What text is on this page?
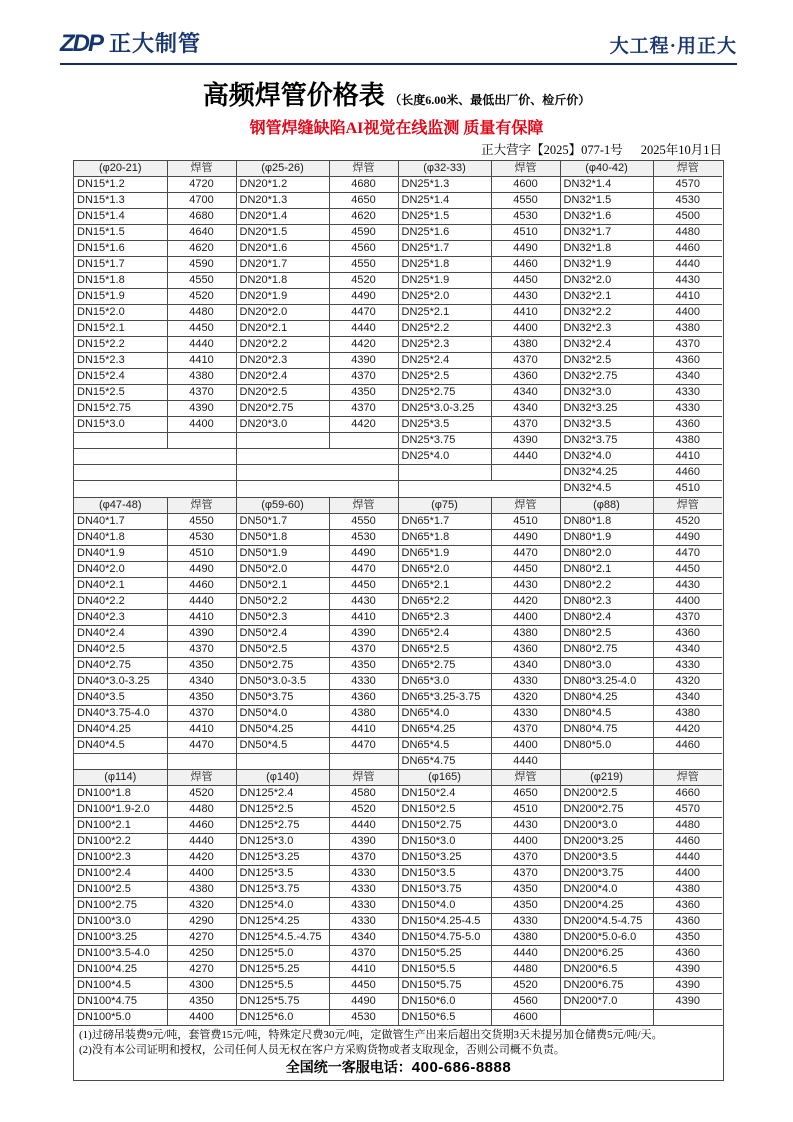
ZDP 正大制管	大工程·用正大
高频焊管价格表 （长度6.00米、最低出厂价、检斤价）
钢管焊缝缺陷AI视觉在线监测 质量有保障
正大营字【2025】077-1号 2025年10月1日
(φ20-21)	焊管	(φ25-26)	焊管	(φ32-33)	焊管	(φ40-42)	焊管
DN15*1.2	4720	DN20*1.2	4680	DN25*1.3	4600	DN32*1.4	4570
DN15*1.3	4700	DN20*1.3	4650	DN25*1.4	4550	DN32*1.5	4530
DN15*1.4	4680	DN20*1.4	4620	DN25*1.5	4530	DN32*1.6	4500
DN15*1.5	4640	DN20*1.5	4590	DN25*1.6	4510	DN32*1.7	4480
DN15*1.6	4620	DN20*1.6	4560	DN25*1.7	4490	DN32*1.8	4460
DN15*1.7	4590	DN20*1.7	4550	DN25*1.8	4460	DN32*1.9	4440
DN15*1.8	4550	DN20*1.8	4520	DN25*1.9	4450	DN32*2.0	4430
DN15*1.9	4520	DN20*1.9	4490	DN25*2.0	4430	DN32*2.1	4410
DN15*2.0	4480	DN20*2.0	4470	DN25*2.1	4410	DN32*2.2	4400
DN15*2.1	4450	DN20*2.1	4440	DN25*2.2	4400	DN32*2.3	4380
DN15*2.2	4440	DN20*2.2	4420	DN25*2.3	4380	DN32*2.4	4370
DN15*2.3	4410	DN20*2.3	4390	DN25*2.4	4370	DN32*2.5	4360
DN15*2.4	4380	DN20*2.4	4370	DN25*2.5	4360	DN32*2.75	4340
DN15*2.5	4370	DN20*2.5	4350	DN25*2.75	4340	DN32*3.0	4330
DN15*2.75	4390	DN20*2.75	4370	DN25*3.0-3.25	4340	DN32*3.25	4330
DN15*3.0	4400	DN20*3.0	4420	DN25*3.5	4370	DN32*3.5	4360
				DN25*3.75	4390	DN32*3.75	4380
				DN25*4.0	4440	DN32*4.0	4410
						DN32*4.25	4460
						DN32*4.5	4510
(φ47-48)	焊管	(φ59-60)	焊管	(φ75)	焊管	(φ88)	焊管
DN40*1.7	4550	DN50*1.7	4550	DN65*1.7	4510	DN80*1.8	4520
DN40*1.8	4530	DN50*1.8	4530	DN65*1.8	4490	DN80*1.9	4490
DN40*1.9	4510	DN50*1.9	4490	DN65*1.9	4470	DN80*2.0	4470
DN40*2.0	4490	DN50*2.0	4470	DN65*2.0	4450	DN80*2.1	4450
DN40*2.1	4460	DN50*2.1	4450	DN65*2.1	4430	DN80*2.2	4430
DN40*2.2	4440	DN50*2.2	4430	DN65*2.2	4420	DN80*2.3	4400
DN40*2.3	4410	DN50*2.3	4410	DN65*2.3	4400	DN80*2.4	4370
DN40*2.4	4390	DN50*2.4	4390	DN65*2.4	4380	DN80*2.5	4360
DN40*2.5	4370	DN50*2.5	4370	DN65*2.5	4360	DN80*2.75	4340
DN40*2.75	4350	DN50*2.75	4350	DN65*2.75	4340	DN80*3.0	4330
DN40*3.0-3.25	4340	DN50*3.0-3.5	4330	DN65*3.0	4330	DN80*3.25-4.0	4320
DN40*3.5	4350	DN50*3.75	4360	DN65*3.25-3.75	4320	DN80*4.25	4340
DN40*3.75-4.0	4370	DN50*4.0	4380	DN65*4.0	4330	DN80*4.5	4380
DN40*4.25	4410	DN50*4.25	4410	DN65*4.25	4370	DN80*4.75	4420
DN40*4.5	4470	DN50*4.5	4470	DN65*4.5	4400	DN80*5.0	4460
				DN65*4.75	4440		
(φ114)	焊管	(φ140)	焊管	(φ165)	焊管	(φ219)	焊管
DN100*1.8	4520	DN125*2.4	4580	DN150*2.4	4650	DN200*2.5	4660
DN100*1.9-2.0	4480	DN125*2.5	4520	DN150*2.5	4510	DN200*2.75	4570
DN100*2.1	4460	DN125*2.75	4440	DN150*2.75	4430	DN200*3.0	4480
DN100*2.2	4440	DN125*3.0	4390	DN150*3.0	4400	DN200*3.25	4460
DN100*2.3	4420	DN125*3.25	4370	DN150*3.25	4370	DN200*3.5	4440
DN100*2.4	4400	DN125*3.5	4330	DN150*3.5	4370	DN200*3.75	4400
DN100*2.5	4380	DN125*3.75	4330	DN150*3.75	4350	DN200*4.0	4380
DN100*2.75	4320	DN125*4.0	4330	DN150*4.0	4350	DN200*4.25	4360
DN100*3.0	4290	DN125*4.25	4330	DN150*4.25-4.5	4330	DN200*4.5-4.75	4360
DN100*3.25	4270	DN125*4.5.-4.75	4340	DN150*4.75-5.0	4380	DN200*5.0-6.0	4350
DN100*3.5-4.0	4250	DN125*5.0	4370	DN150*5.25	4440	DN200*6.25	4360
DN100*4.25	4270	DN125*5.25	4410	DN150*5.5	4480	DN200*6.5	4390
DN100*4.5	4300	DN125*5.5	4450	DN150*5.75	4520	DN200*6.75	4390
DN100*4.75	4350	DN125*5.75	4490	DN150*6.0	4560	DN200*7.0	4390
DN100*5.0	4400	DN125*6.0	4530	DN150*6.5	4600		
(1)过磅吊装费9元/吨，套管费15元/吨，特殊定尺费30元/吨，定做管生产出来后超出交货期3天未提另加仓储费5元/吨/天。
(2)没有本公司证明和授权，公司任何人员无权在客户方采购货物或者支取现金，否则公司概不负责。
全国统一客服电话：400-686-8888
